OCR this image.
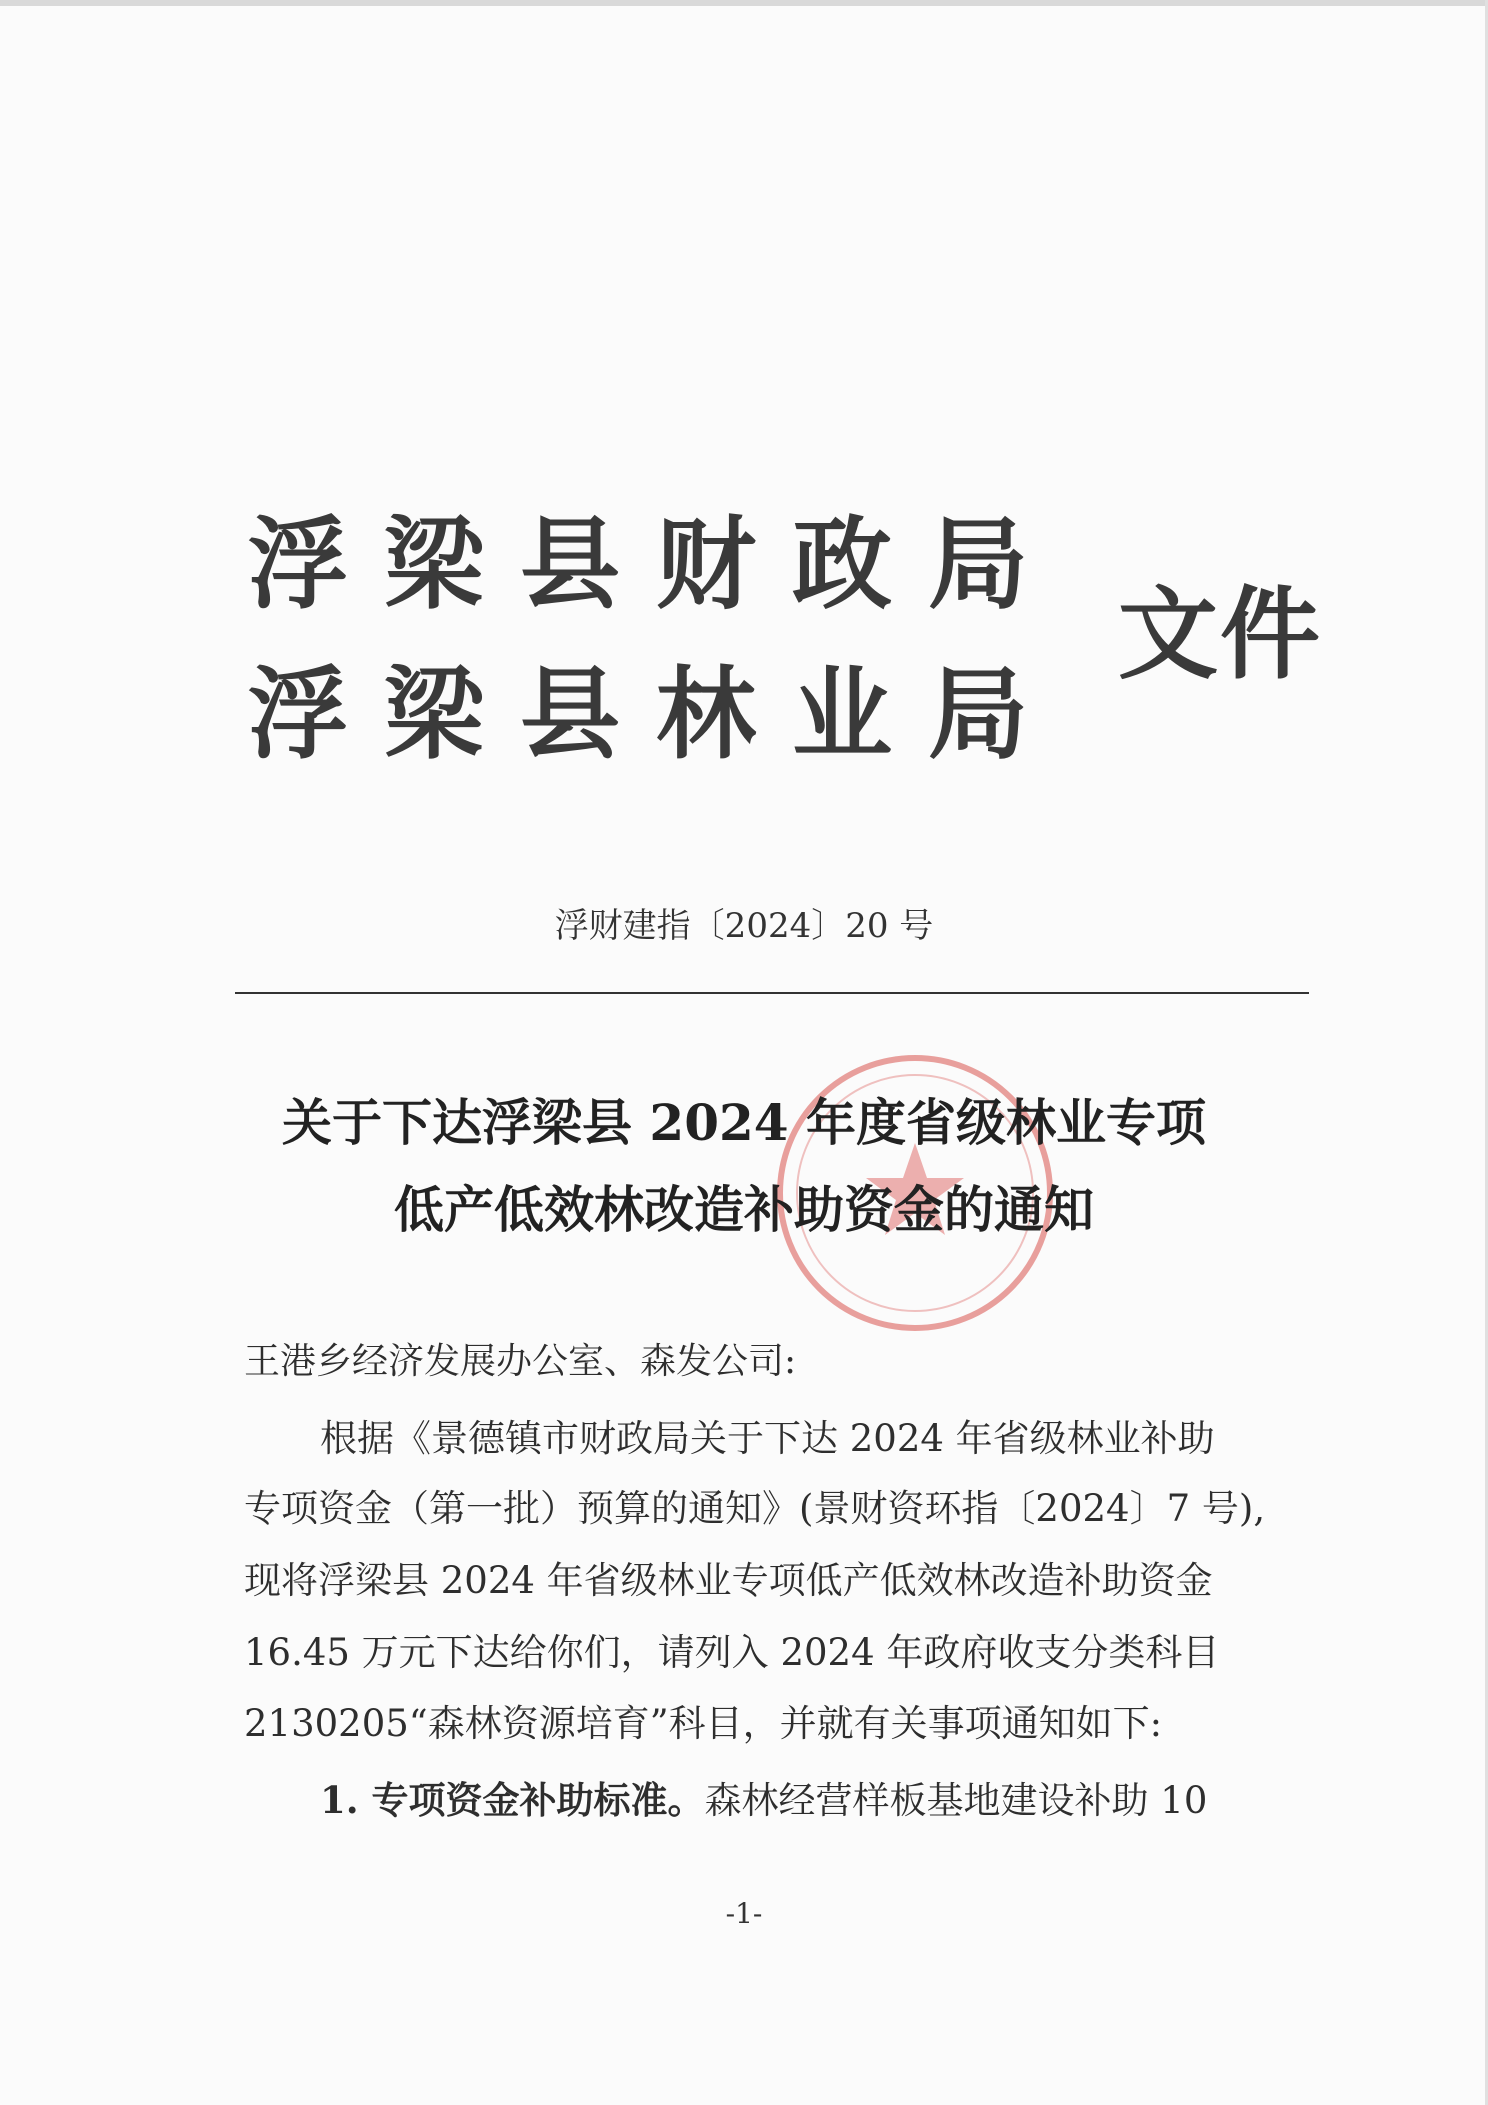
浮梁县财政局
浮梁县林业局
文件
浮财建指〔2024〕20 号
关于下达浮梁县 2024 年度省级林业专项
低产低效林改造补助资金的通知
王港乡经济发展办公室、森发公司:
根据《景德镇市财政局关于下达 2024 年省级林业补助
专项资金（第一批）预算的通知》(景财资环指〔2024〕7 号),
现将浮梁县 2024 年省级林业专项低产低效林改造补助资金
16.45 万元下达给你们，请列入 2024 年政府收支分类科目
2130205“森林资源培育”科目，并就有关事项通知如下:
1. 专项资金补助标准。森林经营样板基地建设补助 10
-1-
